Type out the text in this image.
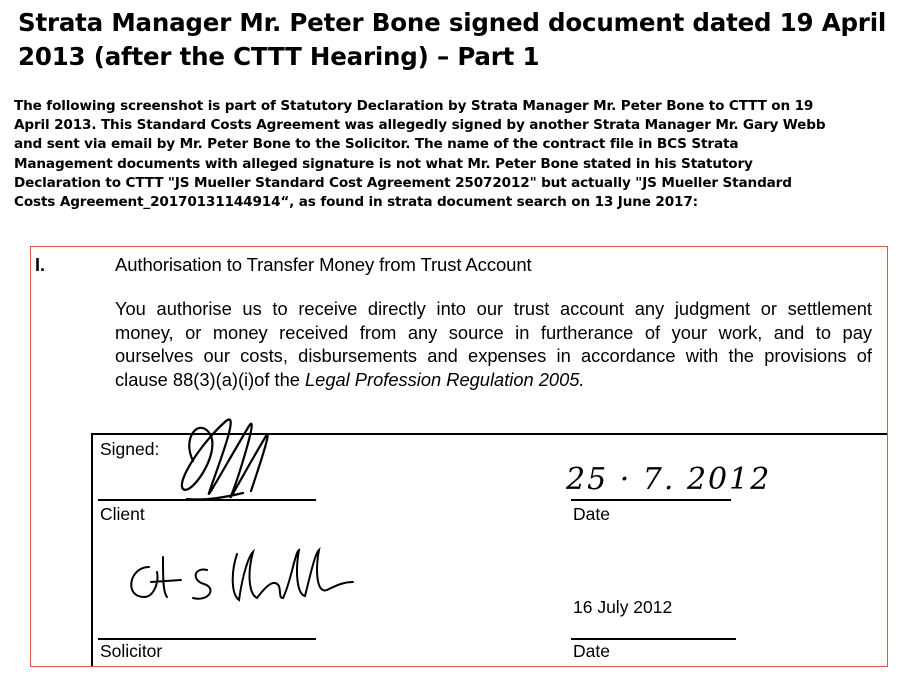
Strata Manager Mr. Peter Bone signed document dated 19 April
2013 (after the CTTT Hearing) – Part 1
The following screenshot is part of Statutory Declaration by Strata Manager Mr. Peter Bone to CTTT on 19
April 2013. This Standard Costs Agreement was allegedly signed by another Strata Manager Mr. Gary Webb
and sent via email by Mr. Peter Bone to the Solicitor. The name of the contract file in BCS Strata
Management documents with alleged signature is not what Mr. Peter Bone stated in his Statutory
Declaration to CTTT "JS Mueller Standard Cost Agreement 25072012" but actually "JS Mueller Standard
Costs Agreement_20170131144914“, as found in strata document search on 13 June 2017:
I.	Authorisation to Transfer Money from Trust Account
You authorise us to receive directly into our trust account any judgment or settlement
money, or money received from any source in furtherance of your work, and to pay
ourselves our costs, disbursements and expenses in accordance with the provisions of
clause 88(3)(a)(i)of the Legal Profession Regulation 2005.
Signed:
Client
25 · 7. 2012
Date
16 July 2012
Solicitor	Date
